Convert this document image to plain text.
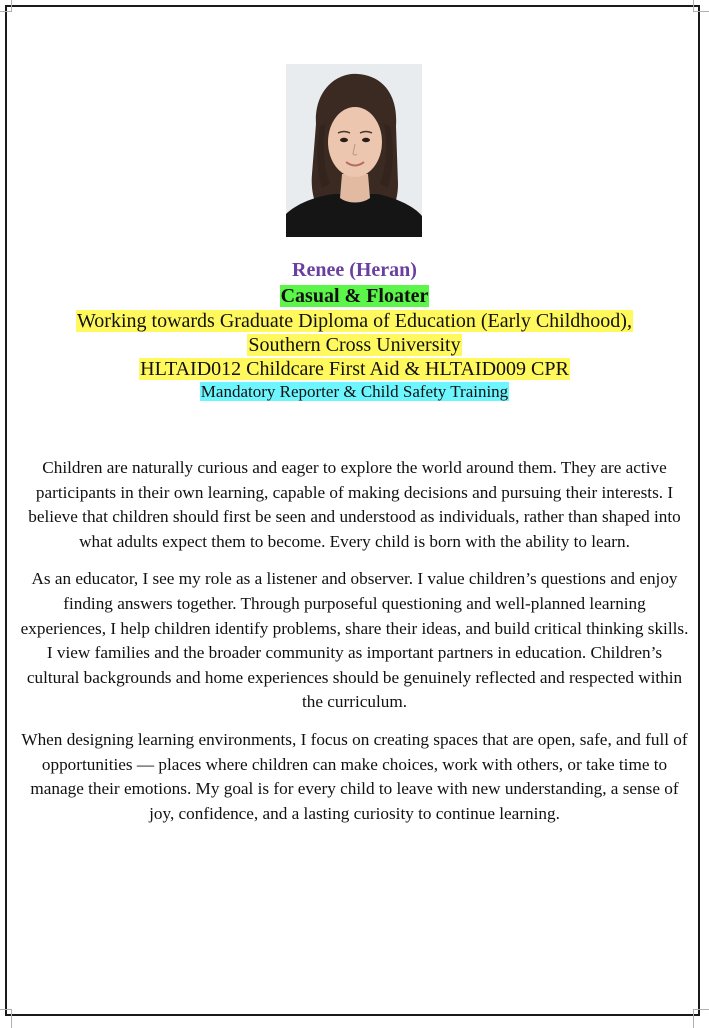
Renee (Heran)
Casual & Floater
Working towards Graduate Diploma of Education (Early Childhood),
Southern Cross University
HLTAID012 Childcare First Aid & HLTAID009 CPR
Mandatory Reporter & Child Safety Training

Children are naturally curious and eager to explore the world around them. They are active participants in their own learning, capable of making decisions and pursuing their interests. I believe that children should first be seen and understood as individuals, rather than shaped into what adults expect them to become. Every child is born with the ability to learn.

As an educator, I see my role as a listener and observer. I value children’s questions and enjoy finding answers together. Through purposeful questioning and well-planned learning experiences, I help children identify problems, share their ideas, and build critical thinking skills. I view families and the broader community as important partners in education. Children’s cultural backgrounds and home experiences should be genuinely reflected and respected within the curriculum.

When designing learning environments, I focus on creating spaces that are open, safe, and full of opportunities — places where children can make choices, work with others, or take time to manage their emotions. My goal is for every child to leave with new understanding, a sense of joy, confidence, and a lasting curiosity to continue learning.
